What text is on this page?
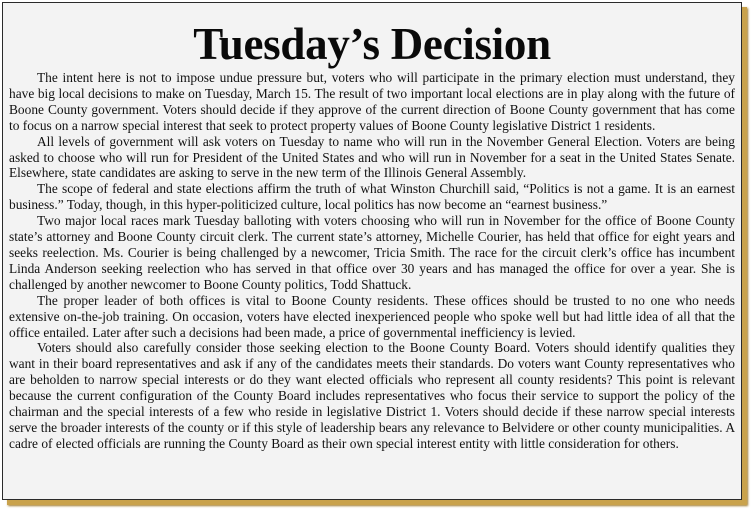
Tuesday’s Decision

The intent here is not to impose undue pressure but, voters who will participate in the primary election must understand, they have big local decisions to make on Tuesday, March 15. The result of two important local elections are in play along with the future of Boone County government. Voters should decide if they approve of the current direction of Boone County government that has come to focus on a narrow special interest that seek to protect property values of Boone County legislative District 1 residents.

All levels of government will ask voters on Tuesday to name who will run in the November General Election. Voters are being asked to choose who will run for President of the United States and who will run in November for a seat in the United States Senate. Elsewhere, state candidates are asking to serve in the new term of the Illinois General Assembly.

The scope of federal and state elections affirm the truth of what Winston Churchill said, “Politics is not a game. It is an earnest business.” Today, though, in this hyper-politicized culture, local politics has now become an “earnest business.”

Two major local races mark Tuesday balloting with voters choosing who will run in November for the office of Boone County state’s attorney and Boone County circuit clerk. The current state’s attorney, Michelle Courier, has held that office for eight years and seeks reelection. Ms. Courier is being challenged by a newcomer, Tricia Smith. The race for the circuit clerk’s office has incumbent Linda Anderson seeking reelection who has served in that office over 30 years and has managed the office for over a year. She is challenged by another newcomer to Boone County politics, Todd Shattuck.

The proper leader of both offices is vital to Boone County residents. These offices should be trusted to no one who needs extensive on-the-job training. On occasion, voters have elected inexperienced people who spoke well but had little idea of all that the office entailed. Later after such a decisions had been made, a price of governmental inefficiency is levied.

Voters should also carefully consider those seeking election to the Boone County Board. Voters should identify qualities they want in their board representatives and ask if any of the candidates meets their standards. Do voters want County representatives who are beholden to narrow special interests or do they want elected officials who represent all county residents? This point is relevant because the current configuration of the County Board includes representatives who focus their service to support the policy of the chairman and the special interests of a few who reside in legislative District 1. Voters should decide if these narrow special interests serve the broader interests of the county or if this style of leadership bears any relevance to Belvidere or other county municipalities. A cadre of elected officials are running the County Board as their own special interest entity with little consideration for others.
